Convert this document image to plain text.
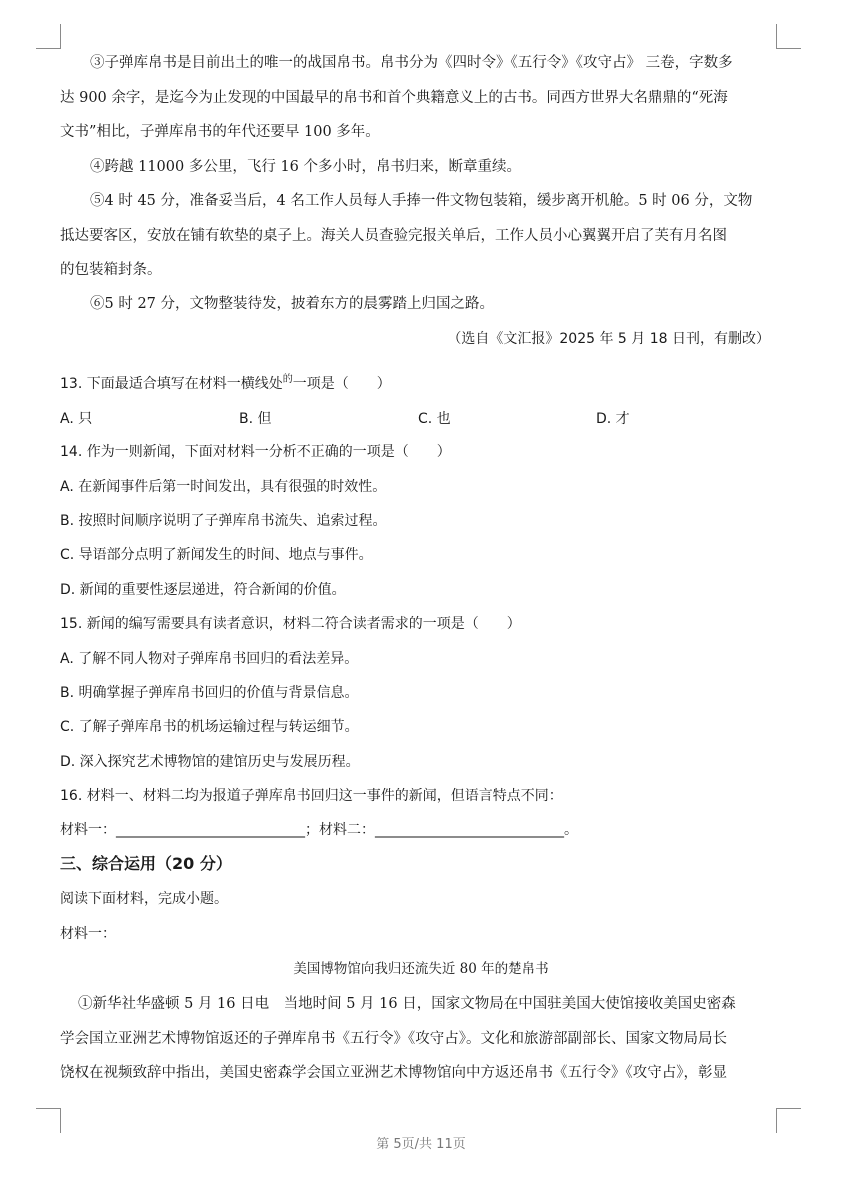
③子弹库帛书是目前出土的唯一的战国帛书。帛书分为《四时令》《五行令》《攻守占》 三卷，字数多
达 900 余字，是迄今为止发现的中国最早的帛书和首个典籍意义上的古书。同西方世界大名鼎鼎的“死海
文书”相比，子弹库帛书的年代还要早 100 多年。
④跨越 11000 多公里，飞行 16 个多小时，帛书归来，断章重续。
⑤4 时 45 分，准备妥当后，4 名工作人员每人手捧一件文物包装箱，缓步离开机舱。5 时 06 分，文物
抵达要客区，安放在铺有软垫的桌子上。海关人员查验完报关单后，工作人员小心翼翼开启了芙有月名图
的包装箱封条。
⑥5 时 27 分，文物整装待发，披着东方的晨雾踏上归国之路。
（选自《文汇报》2025 年 5 月 18 日刊，有删改）
13. 下面最适合填写在材料一横线处$^的$一项是（　　）
A. 只	B. 但	C. 也	D. 才
14. 作为一则新闻，下面对材料一分析不正确的一项是（　　）
A. 在新闻事件后第一时间发出，具有很强的时效性。
B. 按照时间顺序说明了子弹库帛书流失、追索过程。
C. 导语部分点明了新闻发生的时间、地点与事件。
D. 新闻的重要性逐层递进，符合新闻的价值。
15. 新闻的编写需要具有读者意识，材料二符合读者需求的一项是（　　）
A. 了解不同人物对子弹库帛书回归的看法差异。
B. 明确掌握子弹库帛书回归的价值与背景信息。
C. 了解子弹库帛书的机场运输过程与转运细节。
D. 深入探究艺术博物馆的建馆历史与发展历程。
16. 材料一、材料二均为报道子弹库帛书回归这一事件的新闻，但语言特点不同：
材料一：___________________________；材料二：___________________________。
三、综合运用（20 分）
阅读下面材料，完成小题。
材料一：
美国博物馆向我归还流失近 80 年的楚帛书
①新华社华盛顿 5 月 16 日电　当地时间 5 月 16 日，国家文物局在中国驻美国大使馆接收美国史密森
学会国立亚洲艺术博物馆返还的子弹库帛书《五行令》《攻守占》。文化和旅游部副部长、国家文物局局长
饶权在视频致辞中指出，美国史密森学会国立亚洲艺术博物馆向中方返还帛书《五行令》《攻守占》，彰显
第 5页/共 11页
